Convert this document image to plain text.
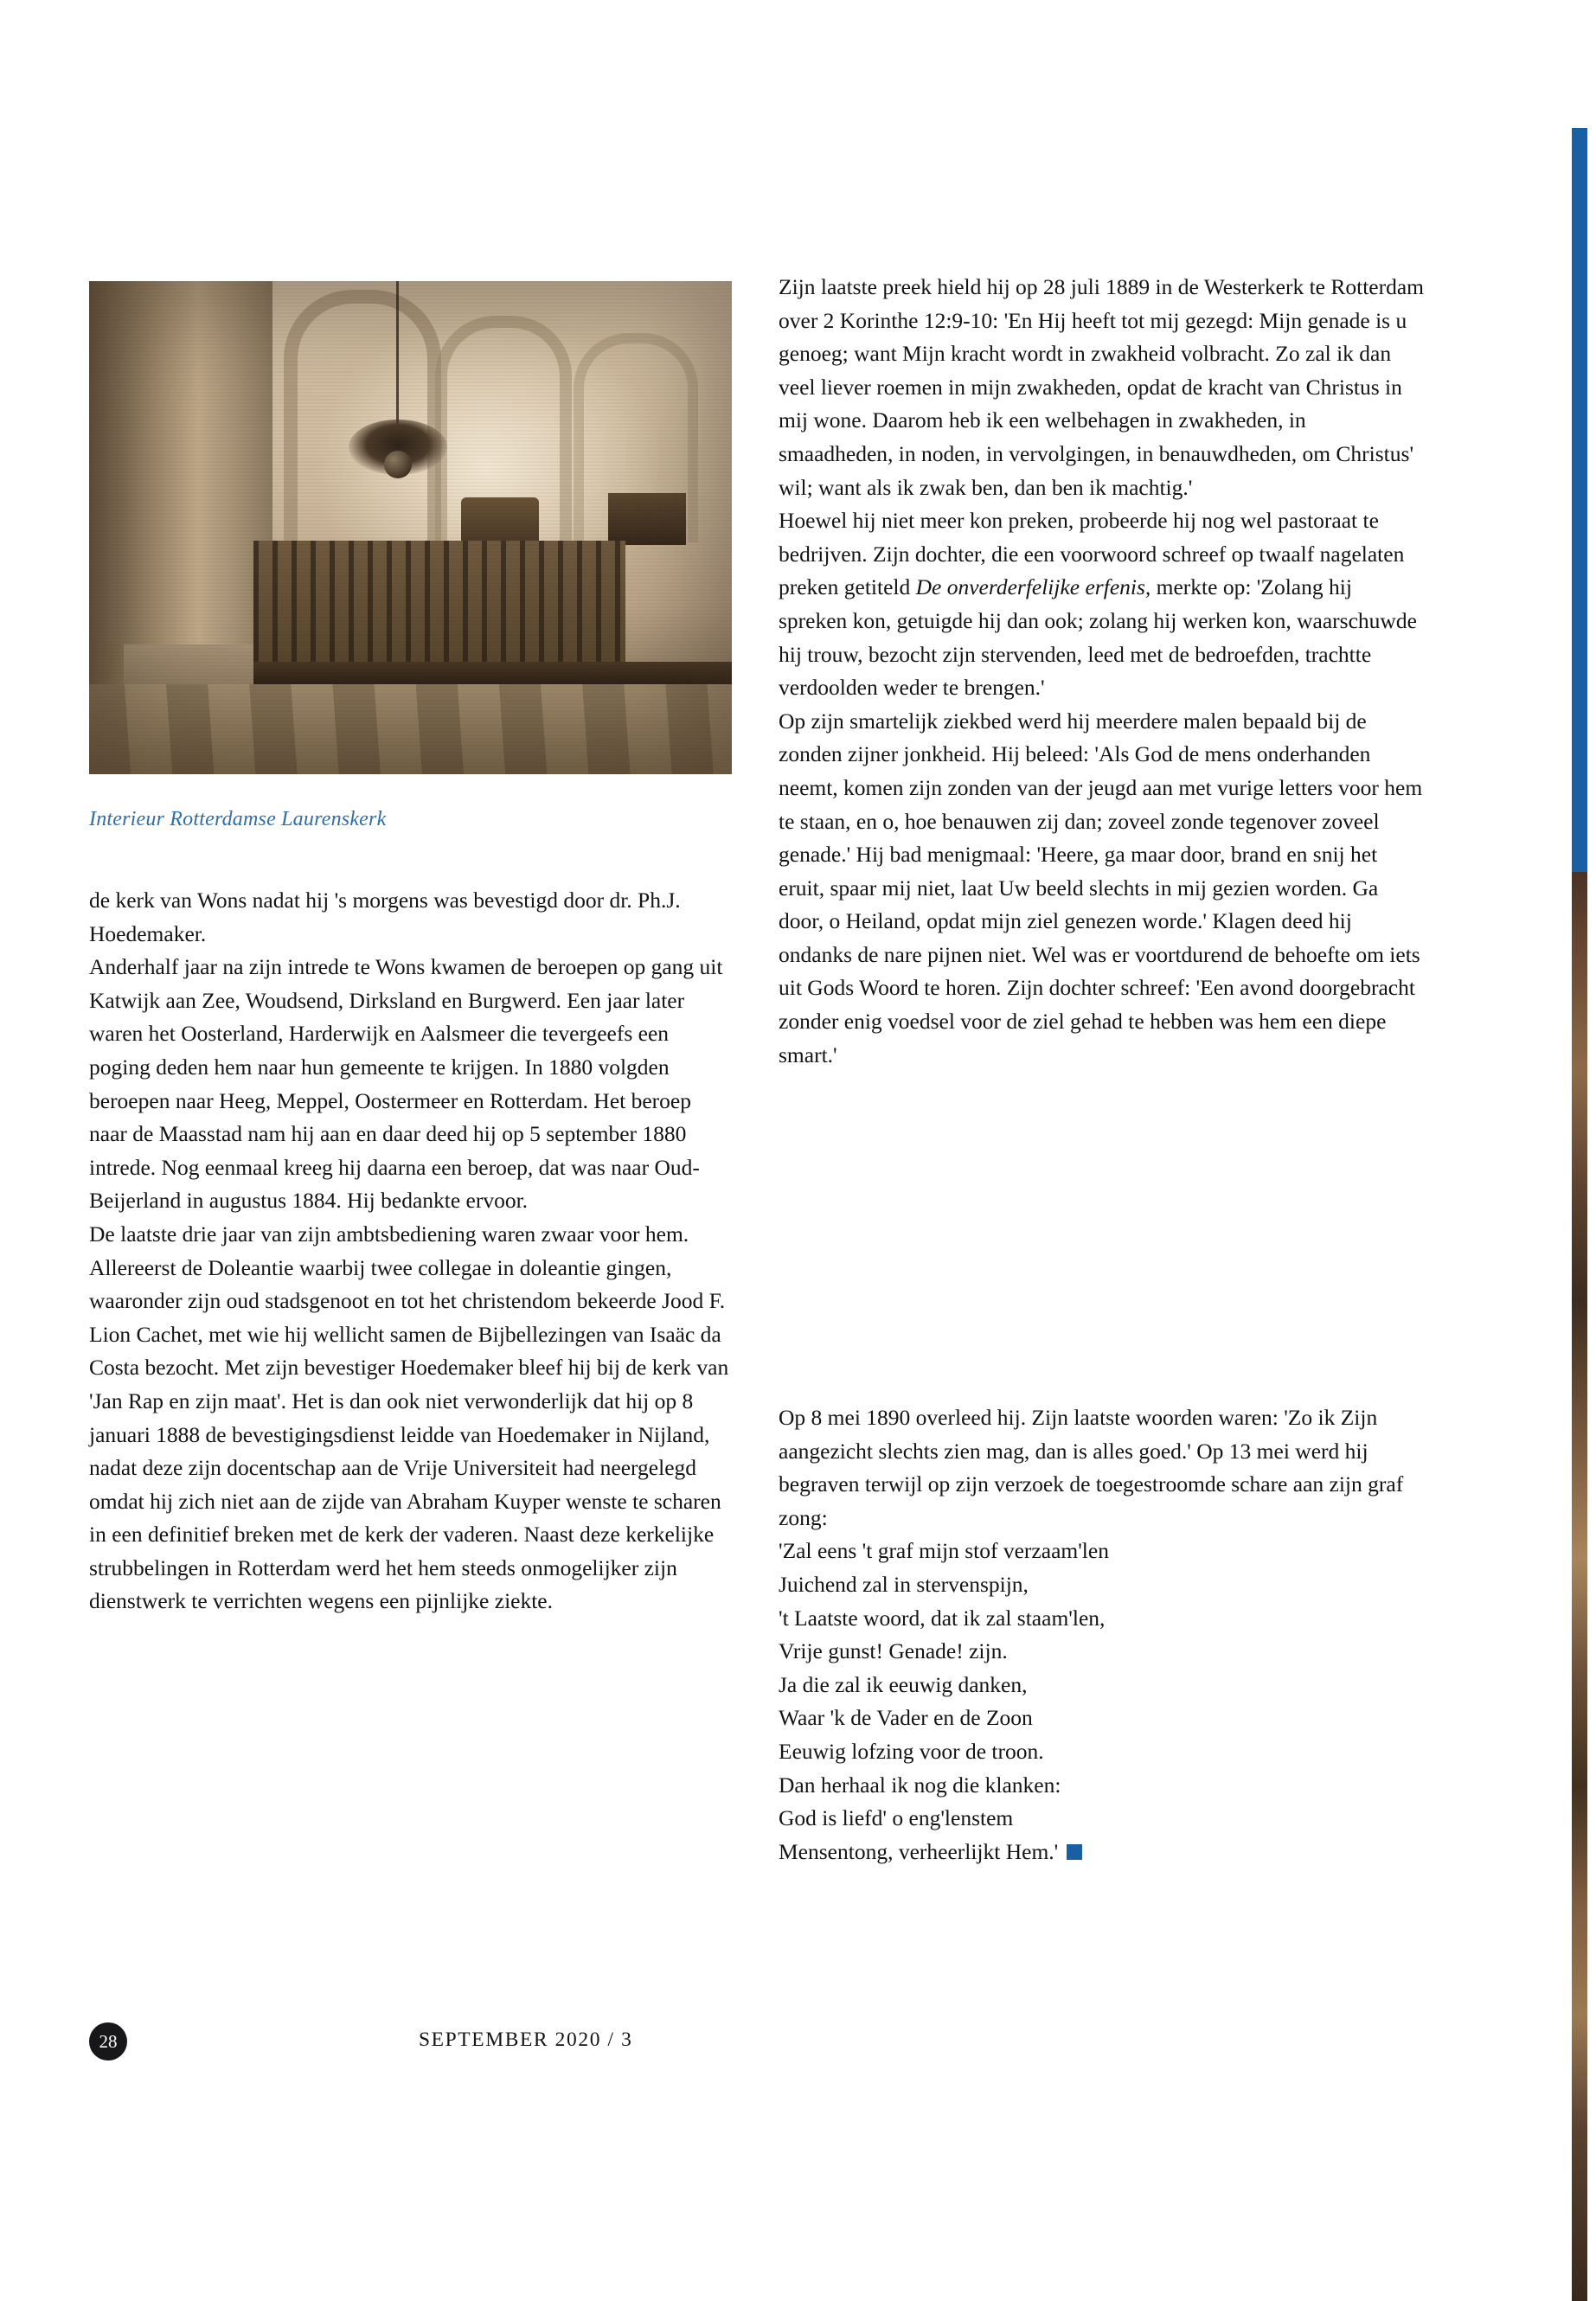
Interieur Rotterdamse Laurenskerk

de kerk van Wons nadat hij 's morgens was bevestigd door dr. Ph.J. Hoedemaker.

Anderhalf jaar na zijn intrede te Wons kwamen de beroepen op gang uit Katwijk aan Zee, Woudsend, Dirksland en Burgwerd. Een jaar later waren het Oosterland, Harderwijk en Aalsmeer die tevergeefs een poging deden hem naar hun gemeente te krijgen. In 1880 volgden beroepen naar Heeg, Meppel, Oostermeer en Rotterdam. Het beroep naar de Maasstad nam hij aan en daar deed hij op 5 september 1880 intrede. Nog eenmaal kreeg hij daarna een beroep, dat was naar Oud-Beijerland in augustus 1884. Hij bedankte ervoor.

De laatste drie jaar van zijn ambtsbediening waren zwaar voor hem. Allereerst de Doleantie waarbij twee collegae in doleantie gingen, waaronder zijn oud stadsgenoot en tot het christendom bekeerde Jood F. Lion Cachet, met wie hij wellicht samen de Bijbellezingen van Isaäc da Costa bezocht. Met zijn bevestiger Hoedemaker bleef hij bij de kerk van 'Jan Rap en zijn maat'. Het is dan ook niet verwonderlijk dat hij op 8 januari 1888 de bevestigingsdienst leidde van Hoedemaker in Nijland, nadat deze zijn docentschap aan de Vrije Universiteit had neergelegd omdat hij zich niet aan de zijde van Abraham Kuyper wenste te scharen in een definitief breken met de kerk der vaderen. Naast deze kerkelijke strubbelingen in Rotterdam werd het hem steeds onmogelijker zijn dienstwerk te verrichten wegens een pijnlijke ziekte.

Zijn laatste preek hield hij op 28 juli 1889 in de Westerkerk te Rotterdam over 2 Korinthe 12:9-10: 'En Hij heeft tot mij gezegd: Mijn genade is u genoeg; want Mijn kracht wordt in zwakheid volbracht. Zo zal ik dan veel liever roemen in mijn zwakheden, opdat de kracht van Christus in mij wone. Daarom heb ik een welbehagen in zwakheden, in smaadheden, in noden, in vervolgingen, in benauwdheden, om Christus' wil; want als ik zwak ben, dan ben ik machtig.'

Hoewel hij niet meer kon preken, probeerde hij nog wel pastoraat te bedrijven. Zijn dochter, die een voorwoord schreef op twaalf nagelaten preken getiteld De onverderfelijke erfenis, merkte op: 'Zolang hij spreken kon, getuigde hij dan ook; zolang hij werken kon, waarschuwde hij trouw, bezocht zijn stervenden, leed met de bedroefden, trachtte verdoolden weder te brengen.'

Op zijn smartelijk ziekbed werd hij meerdere malen bepaald bij de zonden zijner jonkheid. Hij beleed: 'Als God de mens onderhanden neemt, komen zijn zonden van der jeugd aan met vurige letters voor hem te staan, en o, hoe benauwen zij dan; zoveel zonde tegenover zoveel genade.' Hij bad menigmaal: 'Heere, ga maar door, brand en snij het eruit, spaar mij niet, laat Uw beeld slechts in mij gezien worden. Ga door, o Heiland, opdat mijn ziel genezen worde.' Klagen deed hij ondanks de nare pijnen niet. Wel was er voortdurend de behoefte om iets uit Gods Woord te horen. Zijn dochter schreef: 'Een avond doorgebracht zonder enig voedsel voor de ziel gehad te hebben was hem een diepe smart.'

Op 8 mei 1890 overleed hij. Zijn laatste woorden waren: 'Zo ik Zijn aangezicht slechts zien mag, dan is alles goed.' Op 13 mei werd hij begraven terwijl op zijn verzoek de toegestroomde schare aan zijn graf zong:

'Zal eens 't graf mijn stof verzaam'len

Juichend zal in stervenspijn,

't Laatste woord, dat ik zal staam'len,

Vrije gunst! Genade! zijn.

Ja die zal ik eeuwig danken,

Waar 'k de Vader en de Zoon

Eeuwig lofzing voor de troon.

Dan herhaal ik nog die klanken:

God is liefd' o eng'lenstem

Mensentong, verheerlijkt Hem.'

28	SEPTEMBER 2020 / 3
